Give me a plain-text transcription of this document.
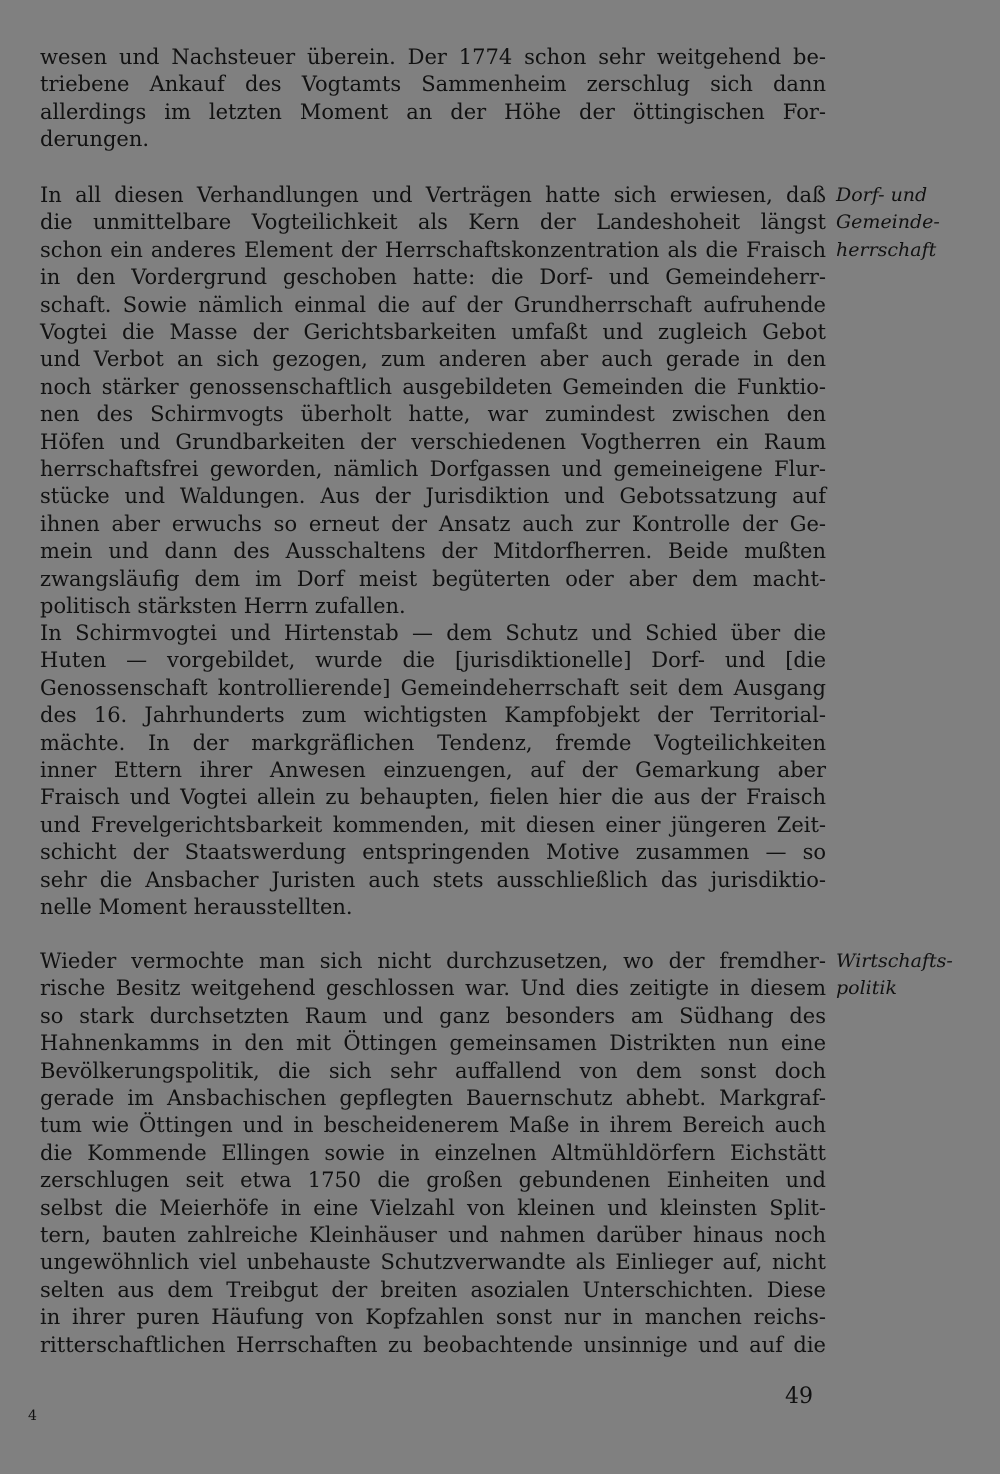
wesen und Nachsteuer überein. Der 1774 schon sehr weitgehend be-
triebene Ankauf des Vogtamts Sammenheim zerschlug sich dann
allerdings im letzten Moment an der Höhe der öttingischen For-
derungen.
In all diesen Verhandlungen und Verträgen hatte sich erwiesen, daß
die unmittelbare Vogteilichkeit als Kern der Landeshoheit längst
schon ein anderes Element der Herrschaftskonzentration als die Fraisch
in den Vordergrund geschoben hatte: die Dorf- und Gemeindeherr-
schaft. Sowie nämlich einmal die auf der Grundherrschaft aufruhende
Vogtei die Masse der Gerichtsbarkeiten umfaßt und zugleich Gebot
und Verbot an sich gezogen, zum anderen aber auch gerade in den
noch stärker genossenschaftlich ausgebildeten Gemeinden die Funktio-
nen des Schirmvogts überholt hatte, war zumindest zwischen den
Höfen und Grundbarkeiten der verschiedenen Vogtherren ein Raum
herrschaftsfrei geworden, nämlich Dorfgassen und gemeineigene Flur-
stücke und Waldungen. Aus der Jurisdiktion und Gebotssatzung auf
ihnen aber erwuchs so erneut der Ansatz auch zur Kontrolle der Ge-
mein und dann des Ausschaltens der Mitdorfherren. Beide mußten
zwangsläufig dem im Dorf meist begüterten oder aber dem macht-
politisch stärksten Herrn zufallen.
In Schirmvogtei und Hirtenstab — dem Schutz und Schied über die
Huten — vorgebildet, wurde die [jurisdiktionelle] Dorf- und [die
Genossenschaft kontrollierende] Gemeindeherrschaft seit dem Ausgang
des 16. Jahrhunderts zum wichtigsten Kampfobjekt der Territorial-
mächte. In der markgräflichen Tendenz, fremde Vogteilichkeiten
inner Ettern ihrer Anwesen einzuengen, auf der Gemarkung aber
Fraisch und Vogtei allein zu behaupten, fielen hier die aus der Fraisch
und Frevelgerichtsbarkeit kommenden, mit diesen einer jüngeren Zeit-
schicht der Staatswerdung entspringenden Motive zusammen — so
sehr die Ansbacher Juristen auch stets ausschließlich das jurisdiktio-
nelle Moment herausstellten.
Wieder vermochte man sich nicht durchzusetzen, wo der fremdher-
rische Besitz weitgehend geschlossen war. Und dies zeitigte in diesem
so stark durchsetzten Raum und ganz besonders am Südhang des
Hahnenkamms in den mit Öttingen gemeinsamen Distrikten nun eine
Bevölkerungspolitik, die sich sehr auffallend von dem sonst doch
gerade im Ansbachischen gepflegten Bauernschutz abhebt. Markgraf-
tum wie Öttingen und in bescheidenerem Maße in ihrem Bereich auch
die Kommende Ellingen sowie in einzelnen Altmühldörfern Eichstätt
zerschlugen seit etwa 1750 die großen gebundenen Einheiten und
selbst die Meierhöfe in eine Vielzahl von kleinen und kleinsten Split-
tern, bauten zahlreiche Kleinhäuser und nahmen darüber hinaus noch
ungewöhnlich viel unbehauste Schutzverwandte als Einlieger auf, nicht
selten aus dem Treibgut der breiten asozialen Unterschichten. Diese
in ihrer puren Häufung von Kopfzahlen sonst nur in manchen reichs-
ritterschaftlichen Herrschaften zu beobachtende unsinnige und auf die
Dorf- und
Gemeinde-
herrschaft
Wirtschafts-
politik
49
4
